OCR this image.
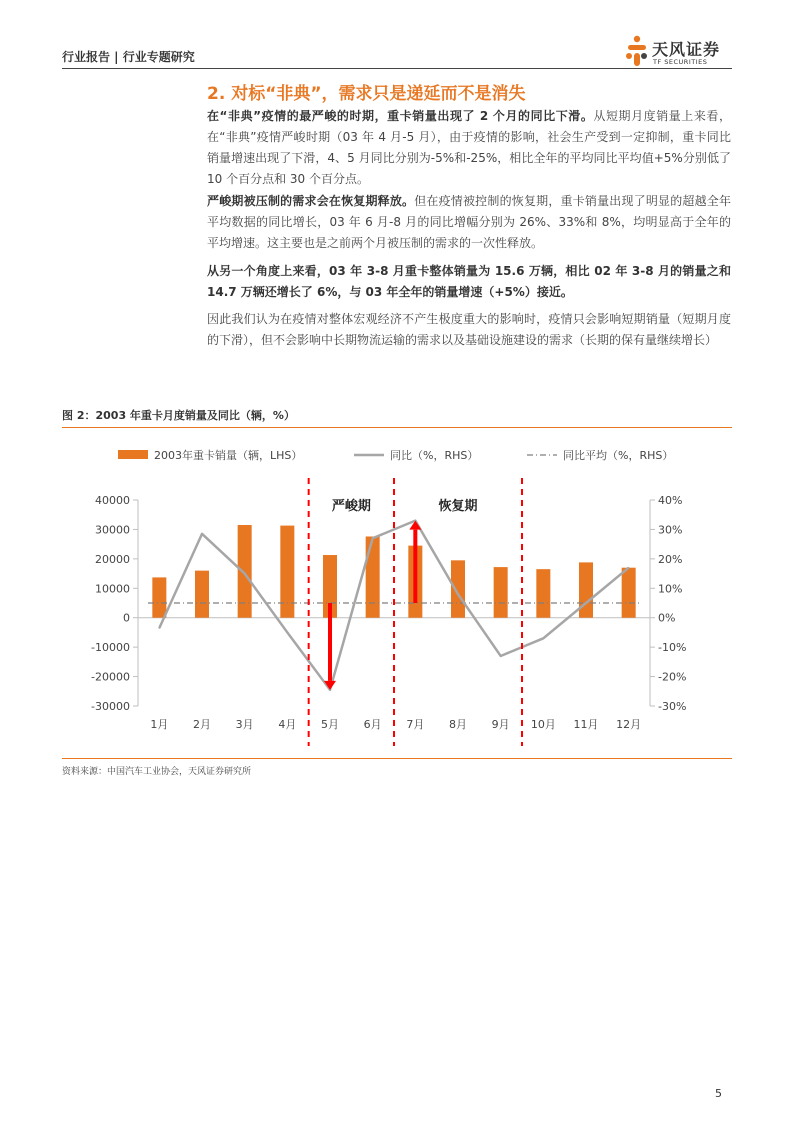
行业报告 | 行业专题研究	天风证券
TF SECURITIES
2. 对标“非典”，需求只是递延而不是消失
在“非典”疫情的最严峻的时期，重卡销量出现了 2 个月的同比下滑。从短期月度销量上来看，在“非典”疫情严峻时期（03 年 4 月-5 月），由于疫情的影响，社会生产受到一定抑制，重卡同比销量增速出现了下滑，4、5 月同比分别为-5%和-25%，相比全年的平均同比平均值+5%分别低了 10 个百分点和 30 个百分点。
严峻期被压制的需求会在恢复期释放。但在疫情被控制的恢复期，重卡销量出现了明显的超越全年平均数据的同比增长，03 年 6 月-8 月的同比增幅分别为 26%、33%和 8%，均明显高于全年的平均增速。这主要也是之前两个月被压制的需求的一次性释放。
从另一个角度上来看，03 年 3-8 月重卡整体销量为 15.6 万辆，相比 02 年 3-8 月的销量之和 14.7 万辆还增长了 6%，与 03 年全年的销量增速（+5%）接近。
因此我们认为在疫情对整体宏观经济不产生极度重大的影响时，疫情只会影响短期销量（短期月度的下滑），但不会影响中长期物流运输的需求以及基础设施建设的需求（长期的保有量继续增长）
图 2：2003 年重卡月度销量及同比（辆，%）
2003年重卡销量（辆，LHS）	同比（%，RHS）	同比平均（%，RHS）
40000
30000
20000
10000
0
-10000
-20000
-30000
40%
30%
20%
10%
0%
-10%
-20%
-30%
严峻期	恢复期
1月 2月 3月 4月 5月 6月 7月 8月 9月 10月 11月 12月
资料来源：中国汽车工业协会，天风证券研究所
5
